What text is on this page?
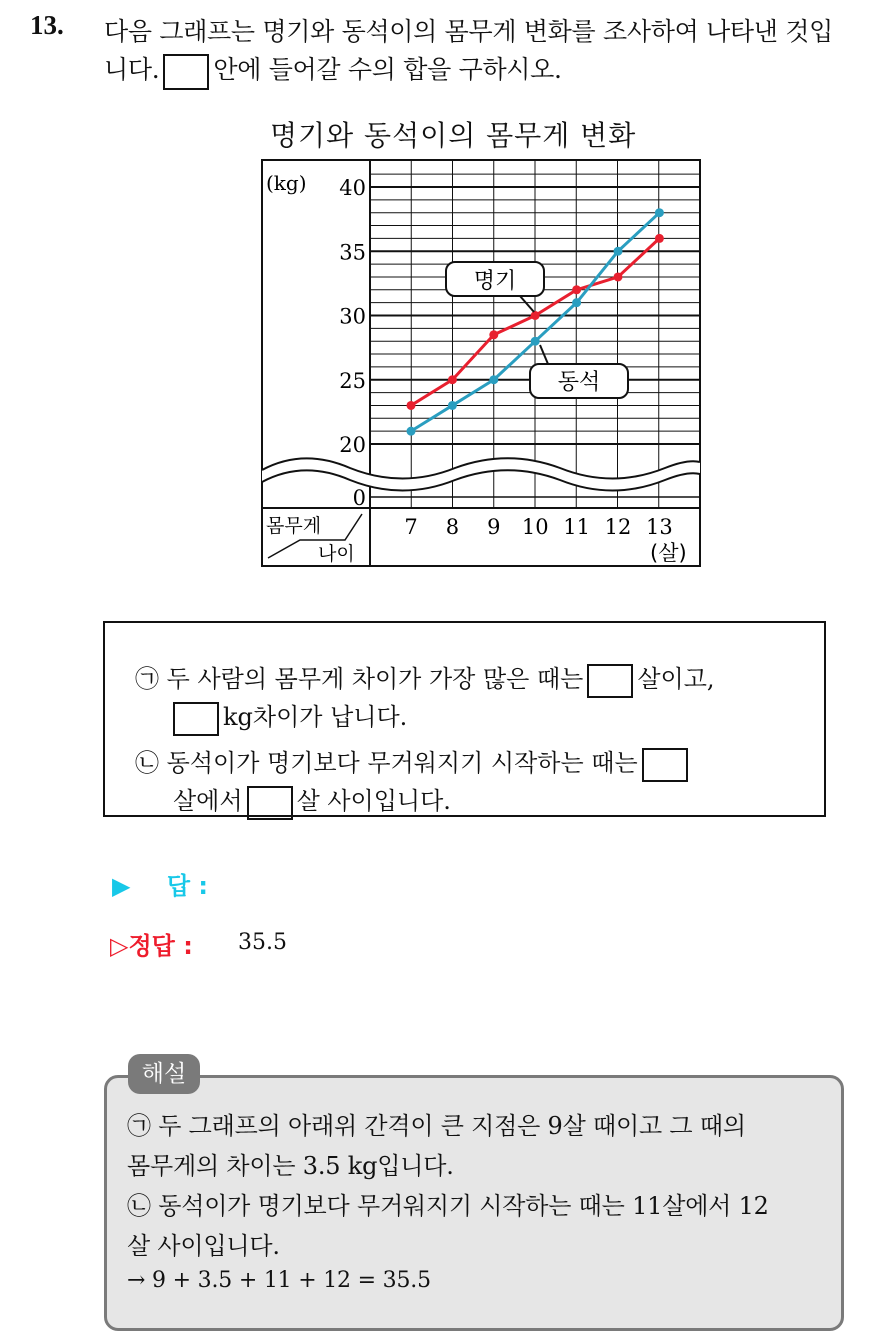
13. 다음 그래프는 명기와 동석이의 몸무게 변화를 조사하여 나타낸 것입
니다. 안에 들어갈 수의 합을 구하시오.
명기와 동석이의 몸무게 변화
(kg)
몸무게
나이	(살)
40
35
30
25
20
0
7 8 9 10 11 12 13
명기
동석
㉠ 두 사람의 몸무게 차이가 가장 많은 때는 살이고,
kg차이가 납니다.
㉡ 동석이가 명기보다 무거워지기 시작하는 때는
살에서 살 사이입니다.
▶ 답 :
▷정답 : 35.5
㉠ 두 그래프의 아래위 간격이 큰 지점은 9살 때이고 그 때의
몸무게의 차이는 3.5 kg입니다.
㉡ 동석이가 명기보다 무거워지기 시작하는 때는 11살에서 12
살 사이입니다.
→ 9 + 3.5 + 11 + 12 = 35.5
해설
